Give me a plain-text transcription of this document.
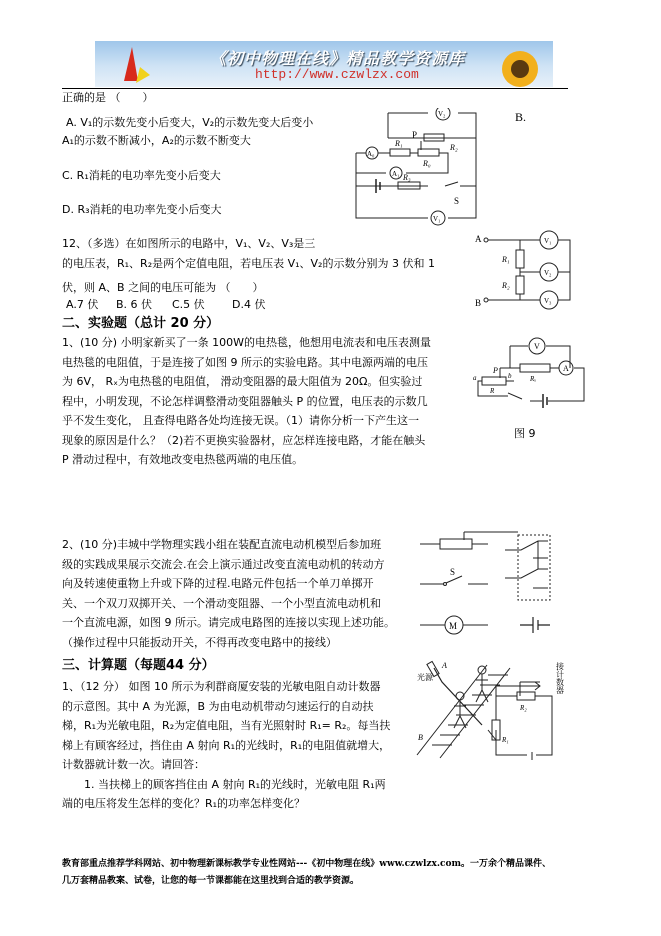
《初中物理在线》精品教学资源库
http://www.czwlzx.com
正确的是 （　　）
A. V₁的示数先变小后变大，V₂的示数先变大后变小
A₁的示数不断减小，A₂的示数不断变大
C. R₁消耗的电功率先变小后变大
D. R₃消耗的电功率先变小后变大
B.
V₂
A₀
A₁
V₁
R₁
R₀
R₂
R₃
P
S
12、（多选）在如图所示的电路中，V₁、V₂、V₃是三
的电压表，R₁、R₂是两个定值电阻，若电压表 V₁、V₂的示数分别为 3 伏和 1
伏，则 A、B 之间的电压可能为 （　　）
A.7 伏 B. 6 伏 C.5 伏 D.4 伏
A
B
R₁
R₂
V₁
V₂
V₃
二、实验题（总计 20 分）
1、(10 分) 小明家新买了一条 100W的电热毯，他想用电流表和电压表测量
电热毯的电阻值，于是连接了如图 9 所示的实验电路。其中电源两端的电压
为 6V， Rₓ为电热毯的电阻值， 滑动变阻器的最大阻值为 20Ω。但实验过
程中，小明发现，不论怎样调整滑动变阻器触头 P 的位置，电压表的示数几
乎不发生变化， 且查得电路各处均连接无误。（1）请你分析一下产生这一
现象的原因是什么？（2)若不更换实验器材，应怎样连接电路，才能在触头
P 滑动过程中，有效地改变电热毯两端的电压值。
V
A
Rₓ
R
P
a	b
图 9
2、(10 分)丰城中学物理实践小组在装配直流电动机模型后参加班
级的实践成果展示交流会.在会上演示通过改变直流电动机的转动方
向及转速使重物上升或下降的过程.电路元件包括一个单刀单掷开
关、一个双刀双掷开关、一个滑动变阻器、一个小型直流电动机和
一个直流电源，如图 9 所示。请完成电路图的连接以实现上述功能。
（操作过程中只能扳动开关，不得再改变电路中的接线）
S
M
三、计算题（每题44 分）
1、（12 分） 如图 10 所示为利群商厦安装的光敏电阻自动计数器
的示意图。其中 A 为光源，B 为由电动机带动匀速运行的自动扶
梯，R₁为光敏电阻，R₂为定值电阻，当有光照射时 R₁= R₂。每当扶
梯上有顾客经过，挡住由 A 射向 R₁的光线时，R₁的电阻值就增大，
计数器就计数一次。请回答：
　　1. 当扶梯上的顾客挡住由 A 射向 R₁的光线时，光敏电阻 R₁两
端的电压将发生怎样的变化？R₁的功率怎样变化？
光源
A
B	R₁
R₂
接计数器
教育部重点推荐学科网站、初中物理新课标教学专业性网站---《初中物理在线》www.czwlzx.com。一万余个精品课件、
几万套精品教案、试卷，让您的每一节课都能在这里找到合适的教学资源。
